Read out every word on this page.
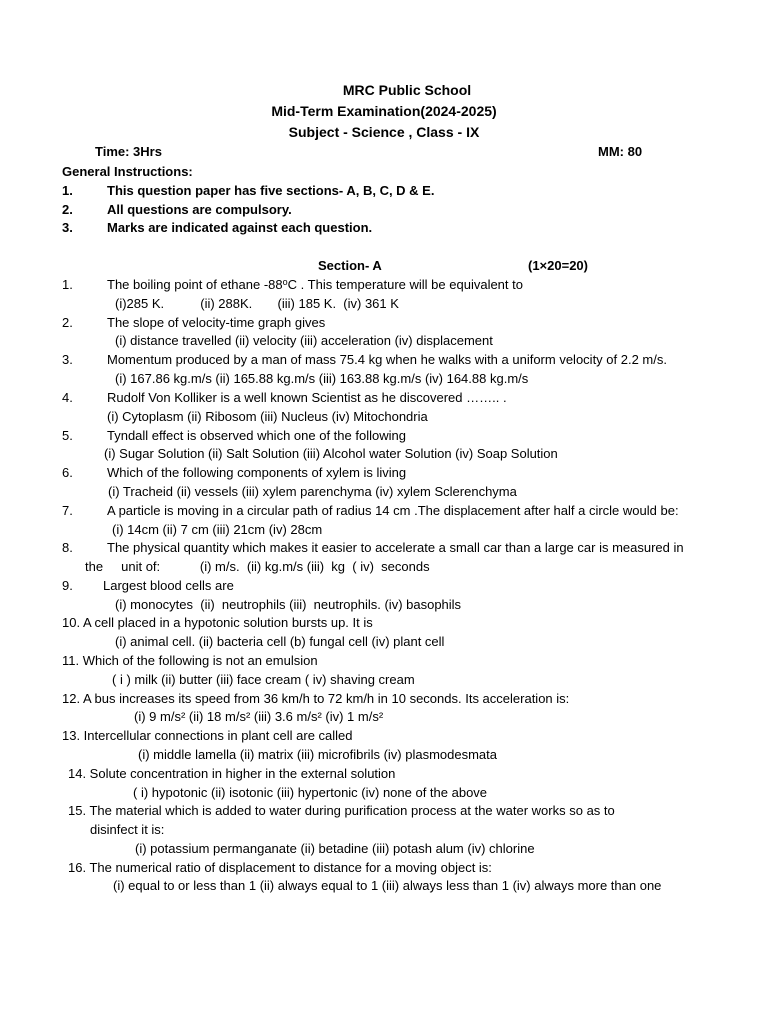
MRC Public School
Mid-Term Examination(2024-2025)
Subject - Science , Class - IX
Time: 3Hrs	MM: 80
General Instructions:
1.	This question paper has five sections- A, B, C, D & E.
2.	All questions are compulsory.
3.	Marks are indicated against each question.
Section- A	(1×20=20)
1.	The boiling point of ethane -88$^o$C . This temperature will be equivalent to
(i)285 K.          (ii) 288K.       (iii) 185 K.  (iv) 361 K
2.	The slope of velocity-time graph gives
(i) distance travelled (ii) velocity (iii) acceleration (iv) displacement
3.	Momentum produced by a man of mass 75.4 kg when he walks with a uniform velocity of 2.2 m/s.
(i) 167.86 kg.m/s (ii) 165.88 kg.m/s (iii) 163.88 kg.m/s (iv) 164.88 kg.m/s
4.	Rudolf Von Kolliker is a well known Scientist as he discovered …….. .
(i) Cytoplasm (ii) Ribosom (iii) Nucleus (iv) Mitochondria
5.	Tyndall effect is observed which one of the following
(i) Sugar Solution (ii) Salt Solution (iii) Alcohol water Solution (iv) Soap Solution
6.	Which of the following components of xylem is living
(i) Tracheid (ii) vessels (iii) xylem parenchyma (iv) xylem Sclerenchyma
7.	A particle is moving in a circular path of radius 14 cm .The displacement after half a circle would be:
(i) 14cm (ii) 7 cm (iii) 21cm (iv) 28cm
8.	The physical quantity which makes it easier to accelerate a small car than a large car is measured in
the     unit of:           (i) m/s.  (ii) kg.m/s (iii)  kg  ( iv)  seconds
9. Largest blood cells are
(i) monocytes  (ii)  neutrophils (iii)  neutrophils. (iv) basophils
10. A cell placed in a hypotonic solution bursts up. It is
(i) animal cell. (ii) bacteria cell (b) fungal cell (iv) plant cell
11. Which of the following is not an emulsion
( i ) milk (ii) butter (iii) face cream ( iv) shaving cream
12. A bus increases its speed from 36 km/h to 72 km/h in 10 seconds. Its acceleration is:
(i) 9 m/s² (ii) 18 m/s² (iii) 3.6 m/s² (iv) 1 m/s²
13. Intercellular connections in plant cell are called
(i) middle lamella (ii) matrix (iii) microfibrils (iv) plasmodesmata
14. Solute concentration in higher in the external solution
( i) hypotonic (ii) isotonic (iii) hypertonic (iv) none of the above
15. The material which is added to water during purification process at the water works so as to
disinfect it is:
(i) potassium permanganate (ii) betadine (iii) potash alum (iv) chlorine
16. The numerical ratio of displacement to distance for a moving object is:
(i) equal to or less than 1 (ii) always equal to 1 (iii) always less than 1 (iv) always more than one
